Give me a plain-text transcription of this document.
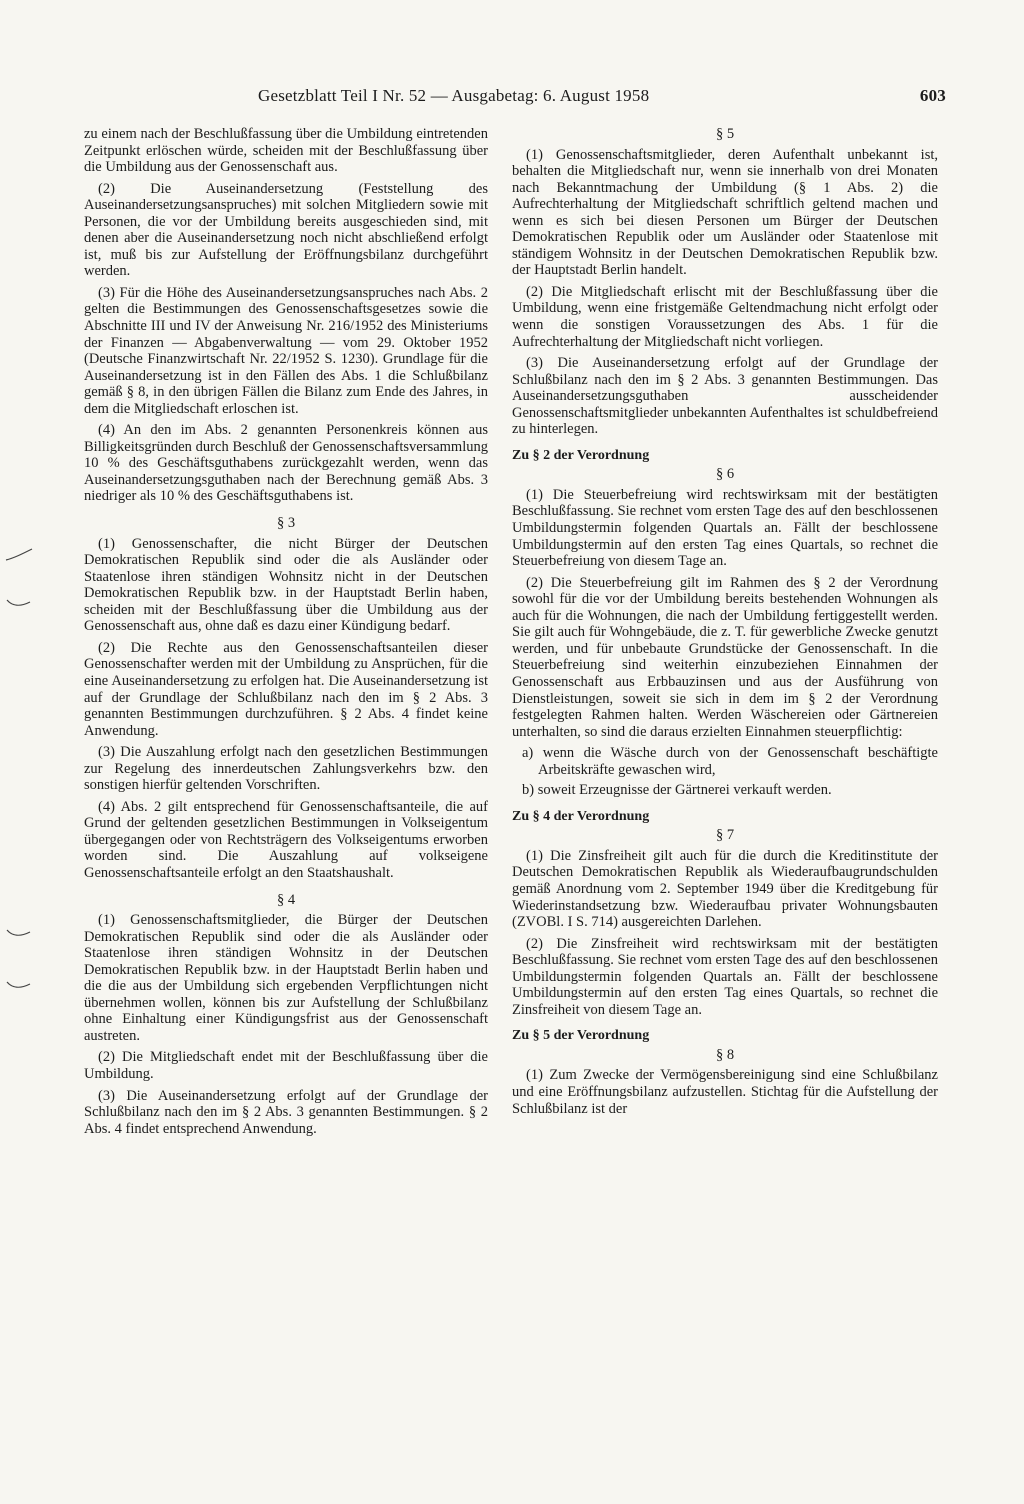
Gesetzblatt Teil I Nr. 52 — Ausgabetag: 6. August 1958	603

zu einem nach der Beschlußfassung über die Umbildung eintretenden Zeitpunkt erlöschen würde, scheiden mit der Beschlußfassung über die Umbildung aus der Genossenschaft aus.

(2) Die Auseinandersetzung (Feststellung des Auseinandersetzungsanspruches) mit solchen Mitgliedern sowie mit Personen, die vor der Umbildung bereits ausgeschieden sind, mit denen aber die Auseinandersetzung noch nicht abschließend erfolgt ist, muß bis zur Aufstellung der Eröffnungsbilanz durchgeführt werden.

(3) Für die Höhe des Auseinandersetzungsanspruches nach Abs. 2 gelten die Bestimmungen des Genossenschaftsgesetzes sowie die Abschnitte III und IV der Anweisung Nr. 216/1952 des Ministeriums der Finanzen — Abgabenverwaltung — vom 29. Oktober 1952 (Deutsche Finanzwirtschaft Nr. 22/1952 S. 1230). Grundlage für die Auseinandersetzung ist in den Fällen des Abs. 1 die Schlußbilanz gemäß § 8, in den übrigen Fällen die Bilanz zum Ende des Jahres, in dem die Mitgliedschaft erloschen ist.

(4) An den im Abs. 2 genannten Personenkreis können aus Billigkeitsgründen durch Beschluß der Genossenschaftsversammlung 10 % des Geschäftsguthabens zurückgezahlt werden, wenn das Auseinandersetzungsguthaben nach der Berechnung gemäß Abs. 3 niedriger als 10 % des Geschäftsguthabens ist.

§ 3

(1) Genossenschafter, die nicht Bürger der Deutschen Demokratischen Republik sind oder die als Ausländer oder Staatenlose ihren ständigen Wohnsitz nicht in der Deutschen Demokratischen Republik bzw. in der Hauptstadt Berlin haben, scheiden mit der Beschlußfassung über die Umbildung aus der Genossenschaft aus, ohne daß es dazu einer Kündigung bedarf.

(2) Die Rechte aus den Genossenschaftsanteilen dieser Genossenschafter werden mit der Umbildung zu Ansprüchen, für die eine Auseinandersetzung zu erfolgen hat. Die Auseinandersetzung ist auf der Grundlage der Schlußbilanz nach den im § 2 Abs. 3 genannten Bestimmungen durchzuführen. § 2 Abs. 4 findet keine Anwendung.

(3) Die Auszahlung erfolgt nach den gesetzlichen Bestimmungen zur Regelung des innerdeutschen Zahlungsverkehrs bzw. den sonstigen hierfür geltenden Vorschriften.

(4) Abs. 2 gilt entsprechend für Genossenschaftsanteile, die auf Grund der geltenden gesetzlichen Bestimmungen in Volkseigentum übergegangen oder von Rechtsträgern des Volkseigentums erworben worden sind. Die Auszahlung auf volkseigene Genossenschaftsanteile erfolgt an den Staatshaushalt.

§ 4

(1) Genossenschaftsmitglieder, die Bürger der Deutschen Demokratischen Republik sind oder die als Ausländer oder Staatenlose ihren ständigen Wohnsitz in der Deutschen Demokratischen Republik bzw. in der Hauptstadt Berlin haben und die die aus der Umbildung sich ergebenden Verpflichtungen nicht übernehmen wollen, können bis zur Aufstellung der Schlußbilanz ohne Einhaltung einer Kündigungsfrist aus der Genossenschaft austreten.

(2) Die Mitgliedschaft endet mit der Beschlußfassung über die Umbildung.

(3) Die Auseinandersetzung erfolgt auf der Grundlage der Schlußbilanz nach den im § 2 Abs. 3 genannten Bestimmungen. § 2 Abs. 4 findet entsprechend Anwendung.

§ 5

(1) Genossenschaftsmitglieder, deren Aufenthalt unbekannt ist, behalten die Mitgliedschaft nur, wenn sie innerhalb von drei Monaten nach Bekanntmachung der Umbildung (§ 1 Abs. 2) die Aufrechterhaltung der Mitgliedschaft schriftlich geltend machen und wenn es sich bei diesen Personen um Bürger der Deutschen Demokratischen Republik oder um Ausländer oder Staatenlose mit ständigem Wohnsitz in der Deutschen Demokratischen Republik bzw. der Hauptstadt Berlin handelt.

(2) Die Mitgliedschaft erlischt mit der Beschlußfassung über die Umbildung, wenn eine fristgemäße Geltendmachung nicht erfolgt oder wenn die sonstigen Voraussetzungen des Abs. 1 für die Aufrechterhaltung der Mitgliedschaft nicht vorliegen.

(3) Die Auseinandersetzung erfolgt auf der Grundlage der Schlußbilanz nach den im § 2 Abs. 3 genannten Bestimmungen. Das Auseinandersetzungsguthaben ausscheidender Genossenschaftsmitglieder unbekannten Aufenthaltes ist schuldbefreiend zu hinterlegen.

Zu § 2 der Verordnung
§ 6

(1) Die Steuerbefreiung wird rechtswirksam mit der bestätigten Beschlußfassung. Sie rechnet vom ersten Tage des auf den beschlossenen Umbildungstermin folgenden Quartals an. Fällt der beschlossene Umbildungstermin auf den ersten Tag eines Quartals, so rechnet die Steuerbefreiung von diesem Tage an.

(2) Die Steuerbefreiung gilt im Rahmen des § 2 der Verordnung sowohl für die vor der Umbildung bereits bestehenden Wohnungen als auch für die Wohnungen, die nach der Umbildung fertiggestellt werden. Sie gilt auch für Wohngebäude, die z. T. für gewerbliche Zwecke genutzt werden, und für unbebaute Grundstücke der Genossenschaft. In die Steuerbefreiung sind weiterhin einzubeziehen Einnahmen der Genossenschaft aus Erbbauzinsen und aus der Ausführung von Dienstleistungen, soweit sie sich in dem im § 2 der Verordnung festgelegten Rahmen halten. Werden Wäschereien oder Gärtnereien unterhalten, so sind die daraus erzielten Einnahmen steuerpflichtig:

a) wenn die Wäsche durch von der Genossenschaft beschäftigte Arbeitskräfte gewaschen wird,
b) soweit Erzeugnisse der Gärtnerei verkauft werden.
Zu § 4 der Verordnung
§ 7

(1) Die Zinsfreiheit gilt auch für die durch die Kreditinstitute der Deutschen Demokratischen Republik als Wiederaufbaugrundschulden gemäß Anordnung vom 2. September 1949 über die Kreditgebung für Wiederinstandsetzung bzw. Wiederaufbau privater Wohnungsbauten (ZVOBl. I S. 714) ausgereichten Darlehen.

(2) Die Zinsfreiheit wird rechtswirksam mit der bestätigten Beschlußfassung. Sie rechnet vom ersten Tage des auf den beschlossenen Umbildungstermin folgenden Quartals an. Fällt der beschlossene Umbildungstermin auf den ersten Tag eines Quartals, so rechnet die Zinsfreiheit von diesem Tage an.

Zu § 5 der Verordnung
§ 8

(1) Zum Zwecke der Vermögensbereinigung sind eine Schlußbilanz und eine Eröffnungsbilanz aufzustellen. Stichtag für die Aufstellung der Schlußbilanz ist der
